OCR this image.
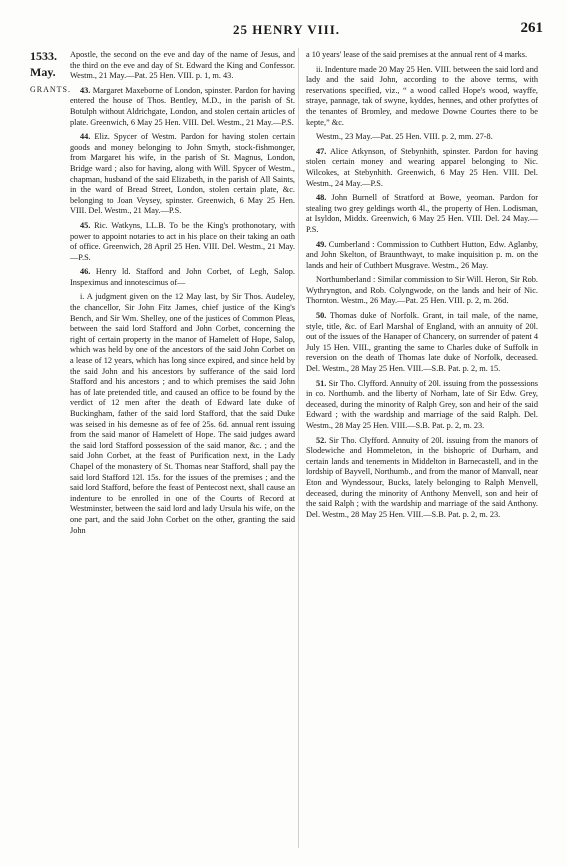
25 HENRY VIII.	261
1533.
May.
GRANTS.

Apostle, the second on the eve and day of the name of Jesus, and the third on the eve and day of St. Edward the King and Confessor. Westm., 21 May.—Pat. 25 Hen. VIII. p. 1, m. 43.

43. Margaret Maxeborne of London, spinster. Pardon for having entered the house of Thos. Bentley, M.D., in the parish of St. Botulph without Aldrichgate, London, and stolen certain articles of plate. Greenwich, 6 May 25 Hen. VIII. Del. Westm., 21 May.—P.S.

44. Eliz. Spycer of Westm. Pardon for having stolen certain goods and money belonging to John Smyth, stock-fishmonger, from Margaret his wife, in the parish of St. Magnus, London, Bridge ward ; also for having, along with Will. Spycer of Westm., chapman, husband of the said Elizabeth, in the parish of All Saints, in the ward of Bread Street, London, stolen certain plate, &c. belonging to Joan Veysey, spinster. Greenwich, 6 May 25 Hen. VIII. Del. Westm., 21 May.—P.S.

45. Ric. Watkyns, LL.B. To be the King's prothonotary, with power to appoint notaries to act in his place on their taking an oath of office. Greenwich, 28 April 25 Hen. VIII. Del. Westm., 21 May.—P.S.

46. Henry ld. Stafford and John Corbet, of Legh, Salop. Inspeximus and innotescimus of—

i. A judgment given on the 12 May last, by Sir Thos. Audeley, the chancellor, Sir John Fitz James, chief justice of the King's Bench, and Sir Wm. Shelley, one of the justices of Common Pleas, between the said lord Stafford and John Corbet, concerning the right of certain property in the manor of Hamelett of Hope, Salop, which was held by one of the ancestors of the said John Corbet on a lease of 12 years, which has long since expired, and since held by the said John and his ancestors by sufferance of the said lord Stafford and his ancestors ; and to which premises the said John has of late pretended title, and caused an office to be found by the verdict of 12 men after the death of Edward late duke of Buckingham, father of the said lord Stafford, that the said Duke was seised in his demesne as of fee of 25s. 6d. annual rent issuing from the said manor of Hamelett of Hope. The said judges award the said lord Stafford possession of the said manor, &c. ; and the said John Corbet, at the feast of Purification next, in the Lady Chapel of the monastery of St. Thomas near Stafford, shall pay the said lord Stafford 12l. 15s. for the issues of the premises ; and the said lord Stafford, before the feast of Pentecost next, shall cause an indenture to be enrolled in one of the Courts of Record at Westminster, between the said lord and lady Ursula his wife, on the one part, and the said John Corbet on the other, granting the said John

a 10 years' lease of the said premises at the annual rent of 4 marks.

ii. Indenture made 20 May 25 Hen. VIII. between the said lord and lady and the said John, according to the above terms, with reservations specified, viz., “ a wood called Hope's wood, wayffe, straye, pannage, tak of swyne, kyddes, hennes, and other profyttes of the tenantes of Bromley, and medowe Downe Courtes there to be kepte,” &c.

Westm., 23 May.—Pat. 25 Hen. VIII. p. 2, mm. 27-8.

47. Alice Atkynson, of Stebynhith, spinster. Pardon for having stolen certain money and wearing apparel belonging to Nic. Wilcokes, at Stebynhith. Greenwich, 6 May 25 Hen. VIII. Del. Westm., 24 May.—P.S.

48. John Burnell of Stratford at Bowe, yeoman. Pardon for stealing two grey geldings worth 4l., the property of Hen. Lodisman, at Isyldon, Middx. Greenwich, 6 May 25 Hen. VIII. Del. 24 May.—P.S.

49. Cumberland : Commission to Cuthbert Hutton, Edw. Aglanby, and John Skelton, of Braunthwayt, to make inquisition p. m. on the lands and heir of Cuthbert Musgrave. Westm., 26 May.

Northumberland : Similar commission to Sir Will. Heron, Sir Rob. Wythryngton, and Rob. Colyngwode, on the lands and heir of Nic. Thornton. Westm., 26 May.—Pat. 25 Hen. VIII. p. 2, m. 26d.

50. Thomas duke of Norfolk. Grant, in tail male, of the name, style, title, &c. of Earl Marshal of England, with an annuity of 20l. out of the issues of the Hanaper of Chancery, on surrender of patent 4 July 15 Hen. VIII., granting the same to Charles duke of Suffolk in reversion on the death of Thomas late duke of Norfolk, deceased. Del. Westm., 28 May 25 Hen. VIII.—S.B. Pat. p. 2, m. 15.

51. Sir Tho. Clyfford. Annuity of 20l. issuing from the possessions in co. Northumb. and the liberty of Norham, late of Sir Edw. Grey, deceased, during the minority of Ralph Grey, son and heir of the said Edward ; with the wardship and marriage of the said Ralph. Del. Westm., 28 May 25 Hen. VIII.—S.B. Pat. p. 2, m. 23.

52. Sir Tho. Clyfford. Annuity of 20l. issuing from the manors of Slodewiche and Hommeleton, in the bishopric of Durham, and certain lands and tenements in Middelton in Barnecastell, and in the lordship of Bayvell, Northumb., and from the manor of Manvall, near Eton and Wyndessour, Bucks, lately belonging to Ralph Menvell, deceased, during the minority of Anthony Menvell, son and heir of the said Ralph ; with the wardship and marriage of the said Anthony. Del. Westm., 28 May 25 Hen. VIII.—S.B. Pat. p. 2, m. 23.
